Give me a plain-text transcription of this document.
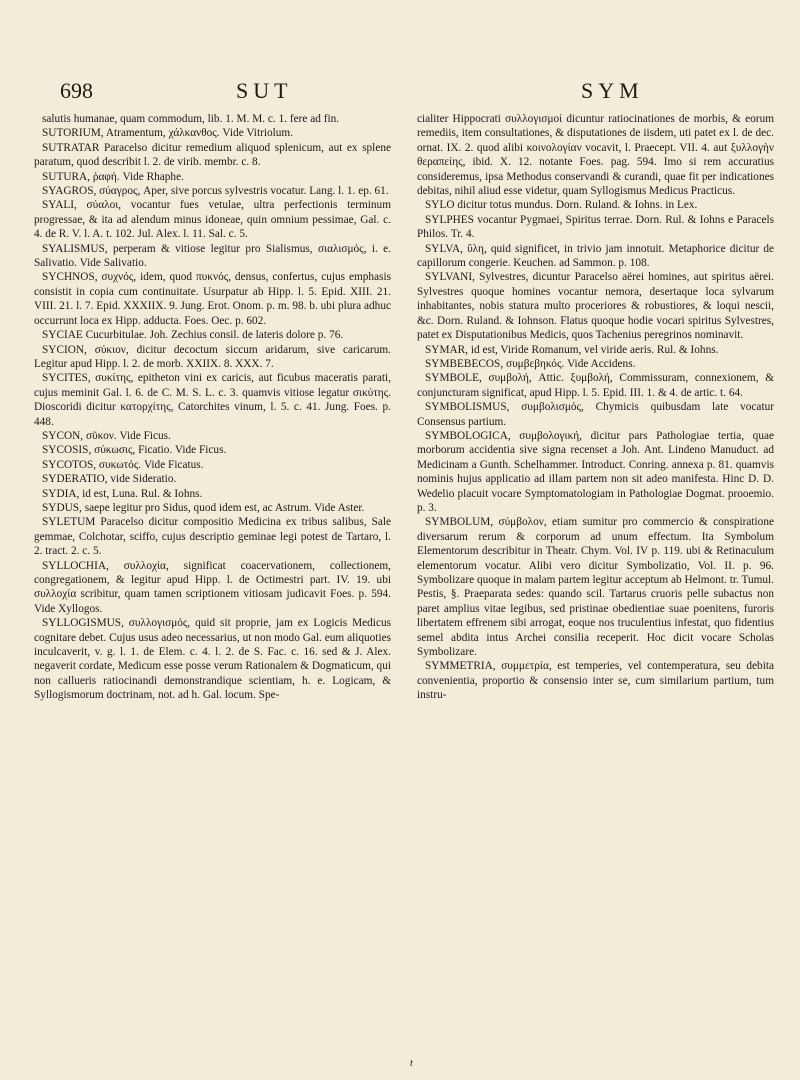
698	SUT	SYM

salutis humanae, quam commodum, lib. 1. M. M. c. 1. fere ad fin.

SUTORIUM, Atramentum, χάλκανθος. Vide Vitriolum.

SUTRATAR Paracelso dicitur remedium aliquod splenicum, aut ex splene paratum, quod describit l. 2. de virib. membr. c. 8.

SUTURA, ῥαφή. Vide Rhaphe.

SYAGROS, σύαγρος, Aper, sive porcus sylvestris vocatur. Lang. l. 1. ep. 61.

SYALI, σύαλοι, vocantur fues vetulae, ultra perfectionis terminum progressae, & ita ad alendum minus idoneae, quin omnium pessimae, Gal. c. 4. de R. V. l. A. t. 102. Jul. Alex. l. 11. Sal. c. 5.

SYALISMUS, perperam & vitiose legitur pro Sialismus, σιαλισμός, i. e. Salivatio. Vide Salivatio.

SYCHNOS, συχνός, idem, quod πυκνός, densus, confertus, cujus emphasis consistit in copia cum continuitate. Usurpatur ab Hipp. l. 5. Epid. XIII. 21. VIII. 21. l. 7. Epid. XXXIIX. 9. Jung. Erot. Onom. p. m. 98. b. ubi plura adhuc occurrunt loca ex Hipp. adducta. Foes. Oec. p. 602.

SYCIAE Cucurbitulae. Joh. Zechius consil. de lateris dolore p. 76.

SYCION, σύκιον, dicitur decoctum siccum aridarum, sive caricarum. Legitur apud Hipp. l. 2. de morb. XXIIX. 8. XXX. 7.

SYCITES, συκίτης, epitheton vini ex caricis, aut ficubus maceratis parati, cujus meminit Gal. l. 6. de C. M. S. L. c. 3. quamvis vitiose legatur σικύτης. Dioscoridi dicitur κατορχίτης, Catorchites vinum, l. 5. c. 41. Jung. Foes. p. 448.

SYCON, σῦκον. Vide Ficus.

SYCOSIS, σύκωσις, Ficatio. Vide Ficus.

SYCOTOS, συκωτός. Vide Ficatus.

SYDERATIO, vide Sideratio.

SYDIA, id est, Luna. Rul. & Iohns.

SYDUS, saepe legitur pro Sidus, quod idem est, ac Astrum. Vide Aster.

SYLETUM Paracelso dicitur compositio Medicina ex tribus salibus, Sale gemmae, Colchotar, sciffo, cujus descriptio geminae legi potest de Tartaro, l. 2. tract. 2. c. 5.

SYLLOCHIA, συλλοχία, significat coacervationem, collectionem, congregationem, & legitur apud Hipp. l. de Octimestri part. IV. 19. ubi συλλοχία scribitur, quam tamen scriptionem vitiosam judicavit Foes. p. 594. Vide Xyllogos.

SYLLOGISMUS, συλλογισμός, quid sit proprie, jam ex Logicis Medicus cognitare debet. Cujus usus adeo necessarius, ut non modo Gal. eum aliquoties inculcaverit, v. g. l. 1. de Elem. c. 4. l. 2. de S. Fac. c. 16. sed & J. Alex. negaverit cordate, Medicum esse posse verum Rationalem & Dogmaticum, qui non callueris ratiocinandi demonstrandique scientiam, h. e. Logicam, & Syllogismorum doctrinam, not. ad h. Gal. locum. Spe-

cialiter Hippocrati συλλογισμοί dicuntur ratiocinationes de morbis, & eorum remediis, item consultationes, & disputationes de iisdem, uti patet ex l. de dec. ornat. IX. 2. quod alibi κοινολογίαν vocavit, l. Praecept. VII. 4. aut ξυλλογὴν θεραπείης, ibid. X. 12. notante Foes. pag. 594. Imo si rem accuratius consideremus, ipsa Methodus conservandi & curandi, quae fit per indicationes debitas, nihil aliud esse videtur, quam Syllogismus Medicus Practicus.

SYLO dicitur totus mundus. Dorn. Ruland. & Iohns. in Lex.

SYLPHES vocantur Pygmaei, Spiritus terrae. Dorn. Rul. & Iohns e Paracels Philos. Tr. 4.

SYLVA, ὕλη, quid significet, in trivio jam innotuit. Metaphorice dicitur de capillorum congerie. Keuchen. ad Sammon. p. 108.

SYLVANI, Sylvestres, dicuntur Paracelso aërei homines, aut spiritus aërei. Sylvestres quoque homines vocantur nemora, desertaque loca sylvarum inhabitantes, nobis statura multo proceriores & robustiores, & loqui nescii, &c. Dorn. Ruland. & Iohnson. Flatus quoque hodie vocari spiritus Sylvestres, patet ex Disputationibus Medicis, quos Tachenius peregrinos nominavit.

SYMAR, id est, Viride Romanum, vel viride aeris. Rul. & Iohns.

SYMBEBECOS, συμβεβηκός. Vide Accidens.

SYMBOLE, συμβολή, Attic. ξυμβολή, Commissuram, connexionem, & conjuncturam significat, apud Hipp. l. 5. Epid. III. 1. & 4. de artic. t. 64.

SYMBOLISMUS, συμβολισμός, Chymicis quibusdam late vocatur Consensus partium.

SYMBOLOGICA, συμβολογική, dicitur pars Pathologiae tertia, quae morborum accidentia sive signa recenset a Joh. Ant. Lindeno Manuduct. ad Medicinam a Gunth. Schelhammer. Introduct. Conring. annexa p. 81. quamvis nominis hujus applicatio ad illam partem non sit adeo manifesta. Hinc D. D. Wedelio placuit vocare Symptomatologiam in Pathologiae Dogmat. prooemio. p. 3.

SYMBOLUM, σύμβολον, etiam sumitur pro commercio & conspiratione diversarum rerum & corporum ad unum effectum. Ita Symbolum Elementorum describitur in Theatr. Chym. Vol. IV p. 119. ubi & Retinaculum elementorum vocatur. Alibi vero dicitur Symbolizatio, Vol. II. p. 96. Symbolizare quoque in malam partem legitur acceptum ab Helmont. tr. Tumul. Pestis, §. Praeparata sedes: quando scil. Tartarus cruoris pelle subactus non paret amplius vitae legibus, sed pristinae obedientiae suae poenitens, furoris libertatem effrenem sibi arrogat, eoque nos truculentius infestat, quo fidentius semel abdita intus Archei consilia receperit. Hoc dicit vocare Scholas Symbolizare.

SYMMETRIA, συμμετρία, est temperies, vel contemperatura, seu debita convenientia, proportio & consensio inter se, cum similarium partium, tum instru-

t
